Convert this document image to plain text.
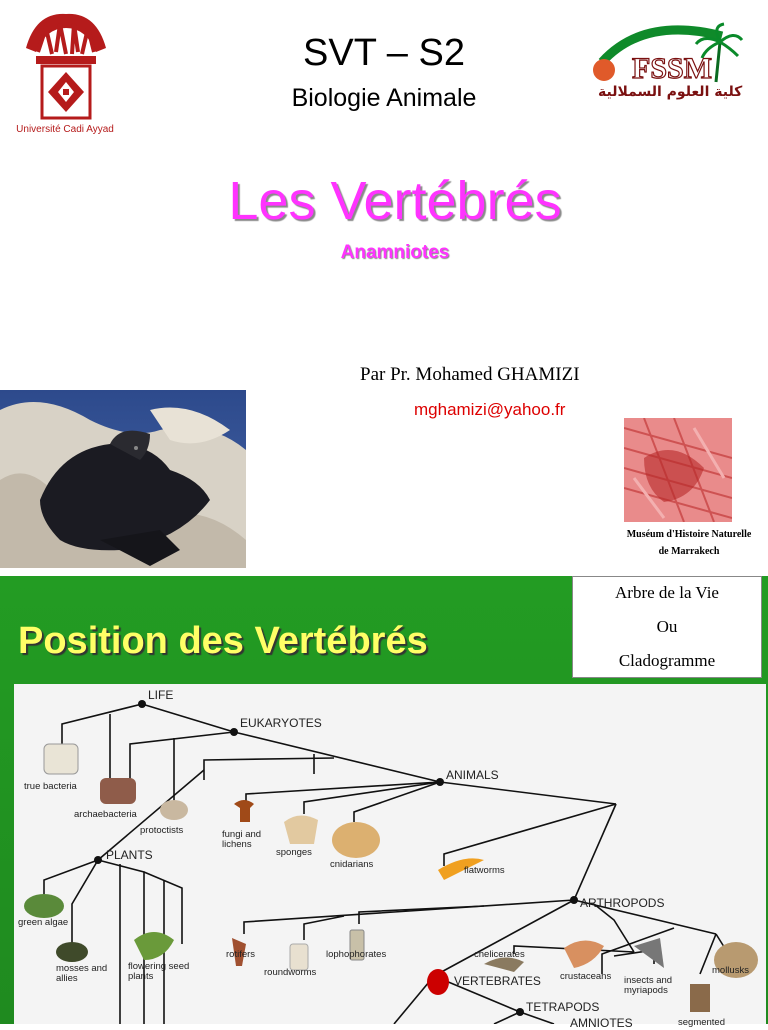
Université Cadi Ayyad
SVT – S2
Biologie Animale
FSSM
كلية العلوم السملالية
Les Vertébrés
Anamniotes
Par Pr. Mohamed GHAMIZI
mghamizi@yahoo.fr
Muséum d'Histoire Naturelle
de Marrakech
Position des Vertébrés
Arbre de la Vie
Ou
Cladogramme
LIFE
EUKARYOTES
ANIMALS
PLANTS
ARTHROPODS
VERTEBRATES
TETRAPODS
AMNIOTES
true bacteria
archaebacteria
protoctists	fungi and lichens
sponges
cnidarians
flatworms
green algae
mosses and allies
flowering seed plants
rotifers
roundworms
lophophorates	chelicerates
crustaceans insects and myriapods
mollusks
segmented
